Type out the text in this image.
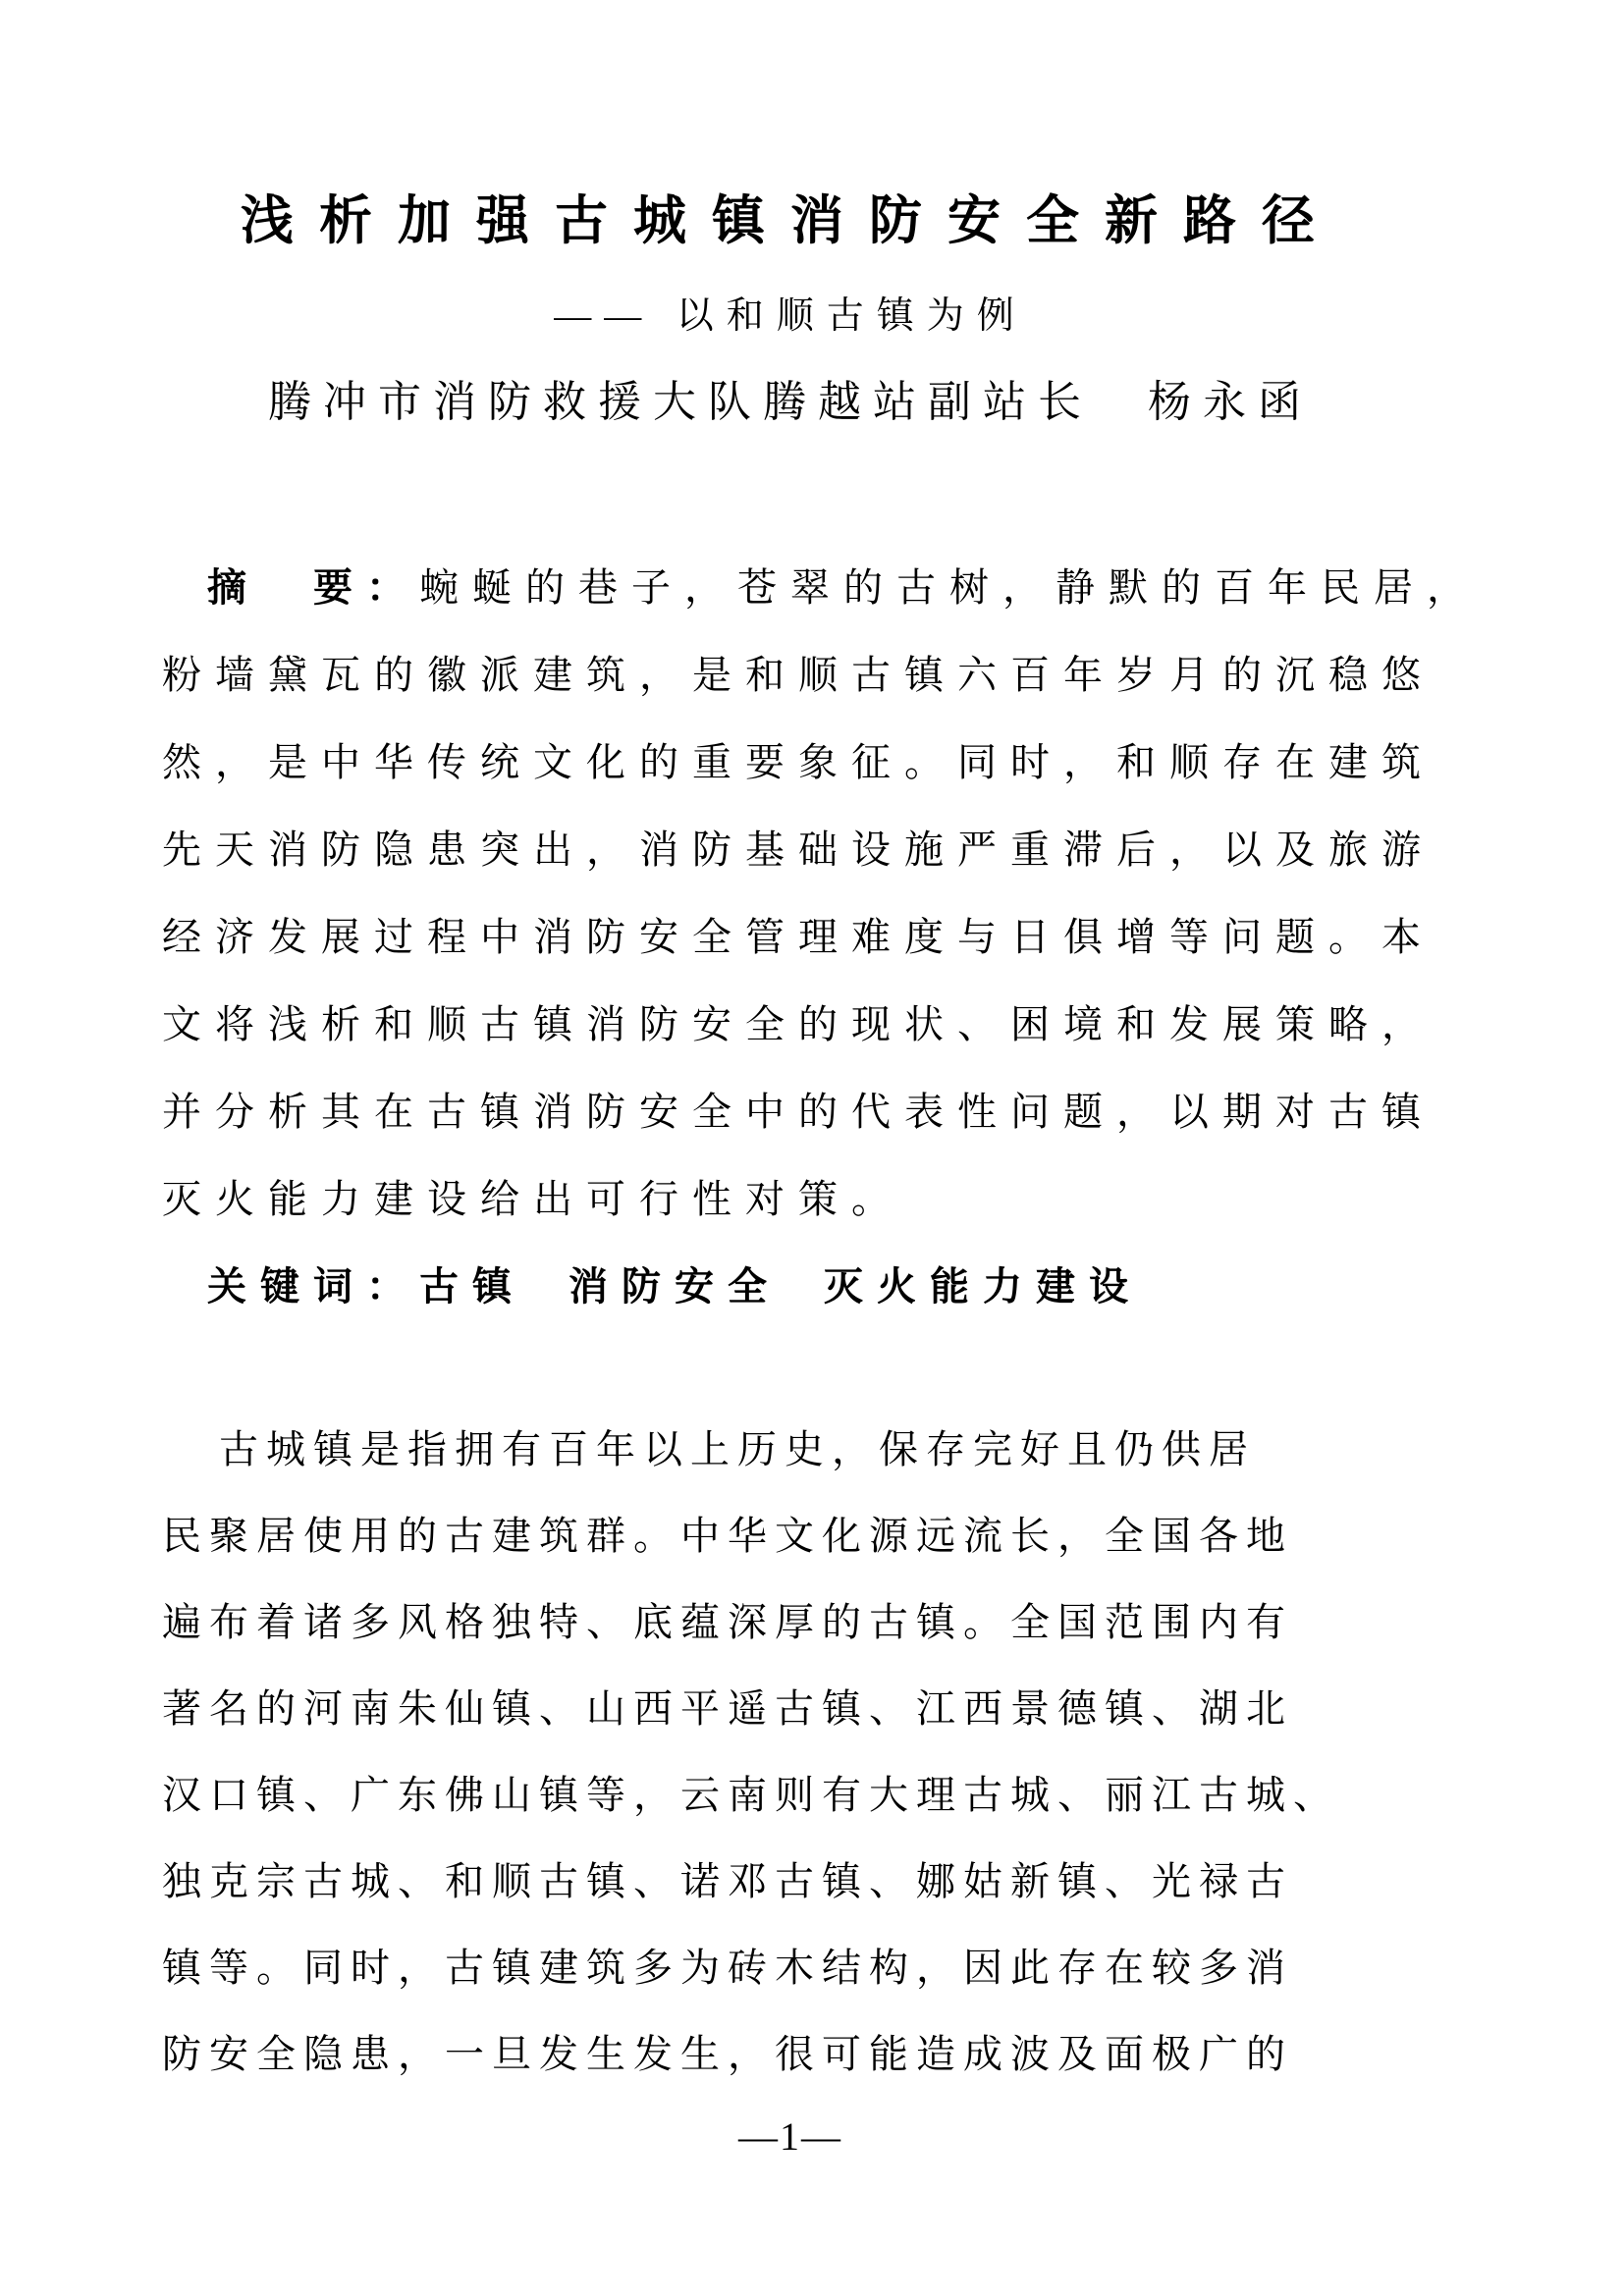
浅析加强古城镇消防安全新路径
—— 以和顺古镇为例
腾冲市消防救援大队腾越站副站长　杨永函
摘　要：蜿蜒的巷子，苍翠的古树，静默的百年民居，
粉墙黛瓦的徽派建筑，是和顺古镇六百年岁月的沉稳悠
然，是中华传统文化的重要象征。同时，和顺存在建筑
先天消防隐患突出，消防基础设施严重滞后，以及旅游
经济发展过程中消防安全管理难度与日俱增等问题。本
文将浅析和顺古镇消防安全的现状、困境和发展策略，
并分析其在古镇消防安全中的代表性问题，以期对古镇
灭火能力建设给出可行性对策。
关键词：古镇 消防安全 灭火能力建设
古城镇是指拥有百年以上历史，保存完好且仍供居
民聚居使用的古建筑群。中华文化源远流长，全国各地
遍布着诸多风格独特、底蕴深厚的古镇。全国范围内有
著名的河南朱仙镇、山西平遥古镇、江西景德镇、湖北
汉口镇、广东佛山镇等，云南则有大理古城、丽江古城、
独克宗古城、和顺古镇、诺邓古镇、娜姑新镇、光禄古
镇等。同时，古镇建筑多为砖木结构，因此存在较多消
防安全隐患，一旦发生发生，很可能造成波及面极广的
—1—
